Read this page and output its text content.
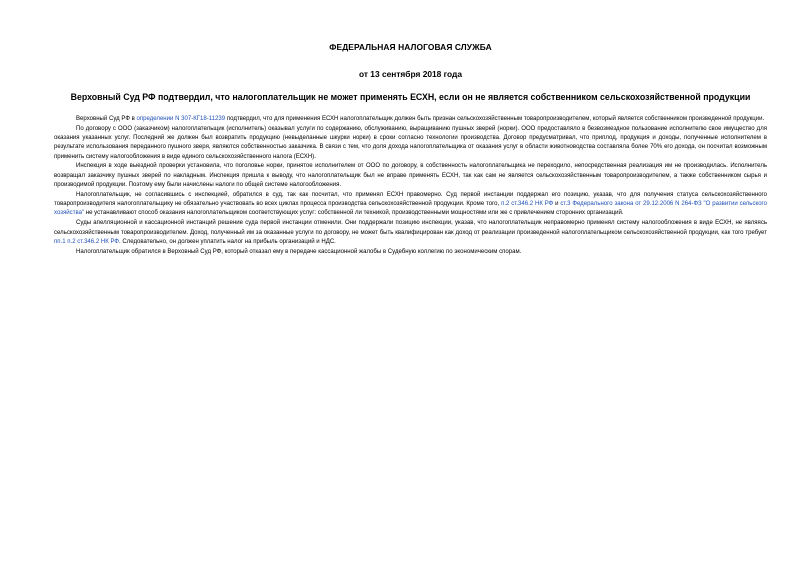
ФЕДЕРАЛЬНАЯ НАЛОГОВАЯ СЛУЖБА
от 13 сентября 2018 года
Верховный Суд РФ подтвердил, что налогоплательщик не может применять ЕСХН, если он не является собственником сельскохозяйственной продукции

Верховный Суд РФ в определении N 307-КГ18-11239 подтвердил, что для применения ЕСХН налогоплательщик должен быть признан сельскохозяйственным товаропроизводителем, который является собственником произведенной продукции.

По договору с ООО (заказчиком) налогоплательщик (исполнитель) оказывал услуги по содержанию, обслуживанию, выращиванию пушных зверей (норки). ООО предоставляло в безвозмездное пользование исполнителю свое имущество для оказания указанных услуг. Последний же должен был возвратить продукцию (невыделанные шкурки норки) в сроки согласно технологии производства. Договор предусматривал, что приплод, продукция и доходы, полученные исполнителем в результате использования переданного пушного зверя, являются собственностью заказчика. В связи с тем, что доля дохода налогоплательщика от оказания услуг в области животноводства составляла более 70% его дохода, он посчитал возможным применить систему налогообложения в виде единого сельскохозяйственного налога (ЕСХН).

Инспекция в ходе выездной проверки установила, что поголовье норки, принятое исполнителем от ООО по договору, в собственность налогоплательщика не переходило, непосредственная реализация им не производилась. Исполнитель возвращал заказчику пушных зверей по накладным. Инспекция пришла к выводу, что налогоплательщик был не вправе применять ЕСХН, так как сам не является сельскохозяйственным товаропроизводителем, а также собственником сырья и производимой продукции. Поэтому ему были начислены налоги по общей системе налогообложения.

Налогоплательщик, не согласившись с инспекцией, обратился в суд, так как посчитал, что применял ЕСХН правомерно. Суд первой инстанции поддержал его позицию, указав, что для получения статуса сельскохозяйственного товаропроизводителя налогоплательщику не обязательно участвовать во всех циклах процесса производства сельскохозяйственной продукции. Кроме того, п.2 ст.346.2 НК РФ и ст.3 Федерального закона от 29.12.2006 N 264-ФЗ "О развитии сельского хозяйства" не устанавливают способ оказания налогоплательщиком соответствующих услуг: собственной ли техникой, производственными мощностями или же с привлечением сторонних организаций.

Суды апелляционной и кассационной инстанций решение суда первой инстанции отменили. Они поддержали позицию инспекции, указав, что налогоплательщик неправомерно применял систему налогообложения в виде ЕСХН, не являясь сельскохозяйственным товаропроизводителем. Доход, полученный им за оказанные услуги по договору, не может быть квалифицирован как доход от реализации произведенной налогоплательщиком сельскохозяйственной продукции, как того требует пп.1 п.2 ст.346.2 НК РФ. Следовательно, он должен уплатить налог на прибыль организаций и НДС.

Налогоплательщик обратился в Верховный Суд РФ, который отказал ему в передаче кассационной жалобы в Судебную коллегию по экономическим спорам.
